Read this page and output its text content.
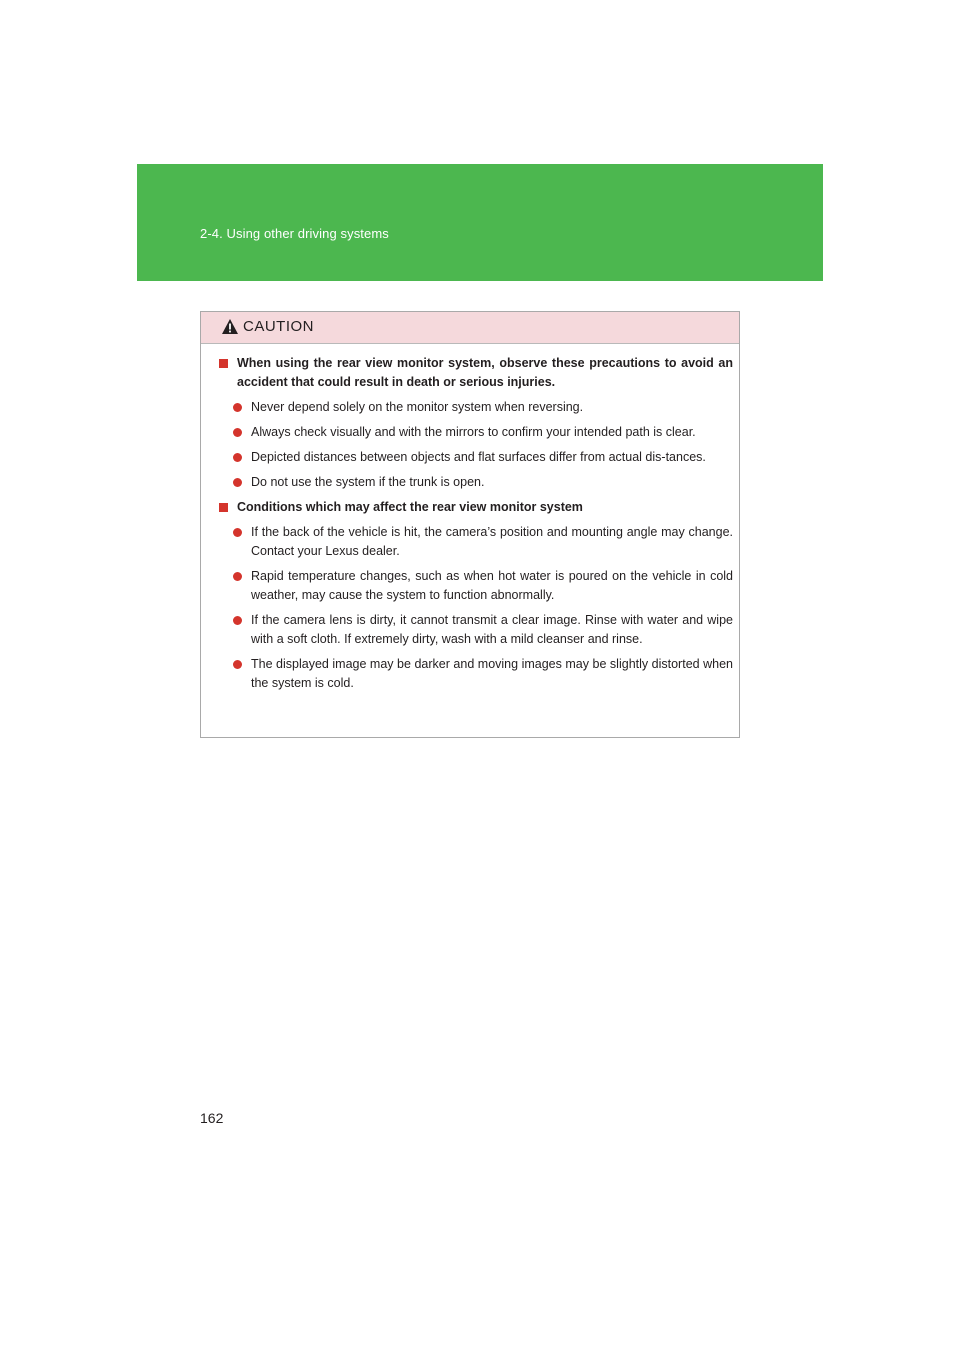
2-4. Using other driving systems
CAUTION

When using the rear view monitor system, observe these precautions to avoid an accident that could result in death or serious injuries.

Never depend solely on the monitor system when reversing.

Always check visually and with the mirrors to confirm your intended path is clear.

Depicted distances between objects and flat surfaces differ from actual dis-tances.

Do not use the system if the trunk is open.

Conditions which may affect the rear view monitor system

If the back of the vehicle is hit, the camera’s position and mounting angle may change. Contact your Lexus dealer.

Rapid temperature changes, such as when hot water is poured on the vehicle in cold weather, may cause the system to function abnormally.

If the camera lens is dirty, it cannot transmit a clear image. Rinse with water and wipe with a soft cloth. If extremely dirty, wash with a mild cleanser and rinse.

The displayed image may be darker and moving images may be slightly distorted when the system is cold.

162
